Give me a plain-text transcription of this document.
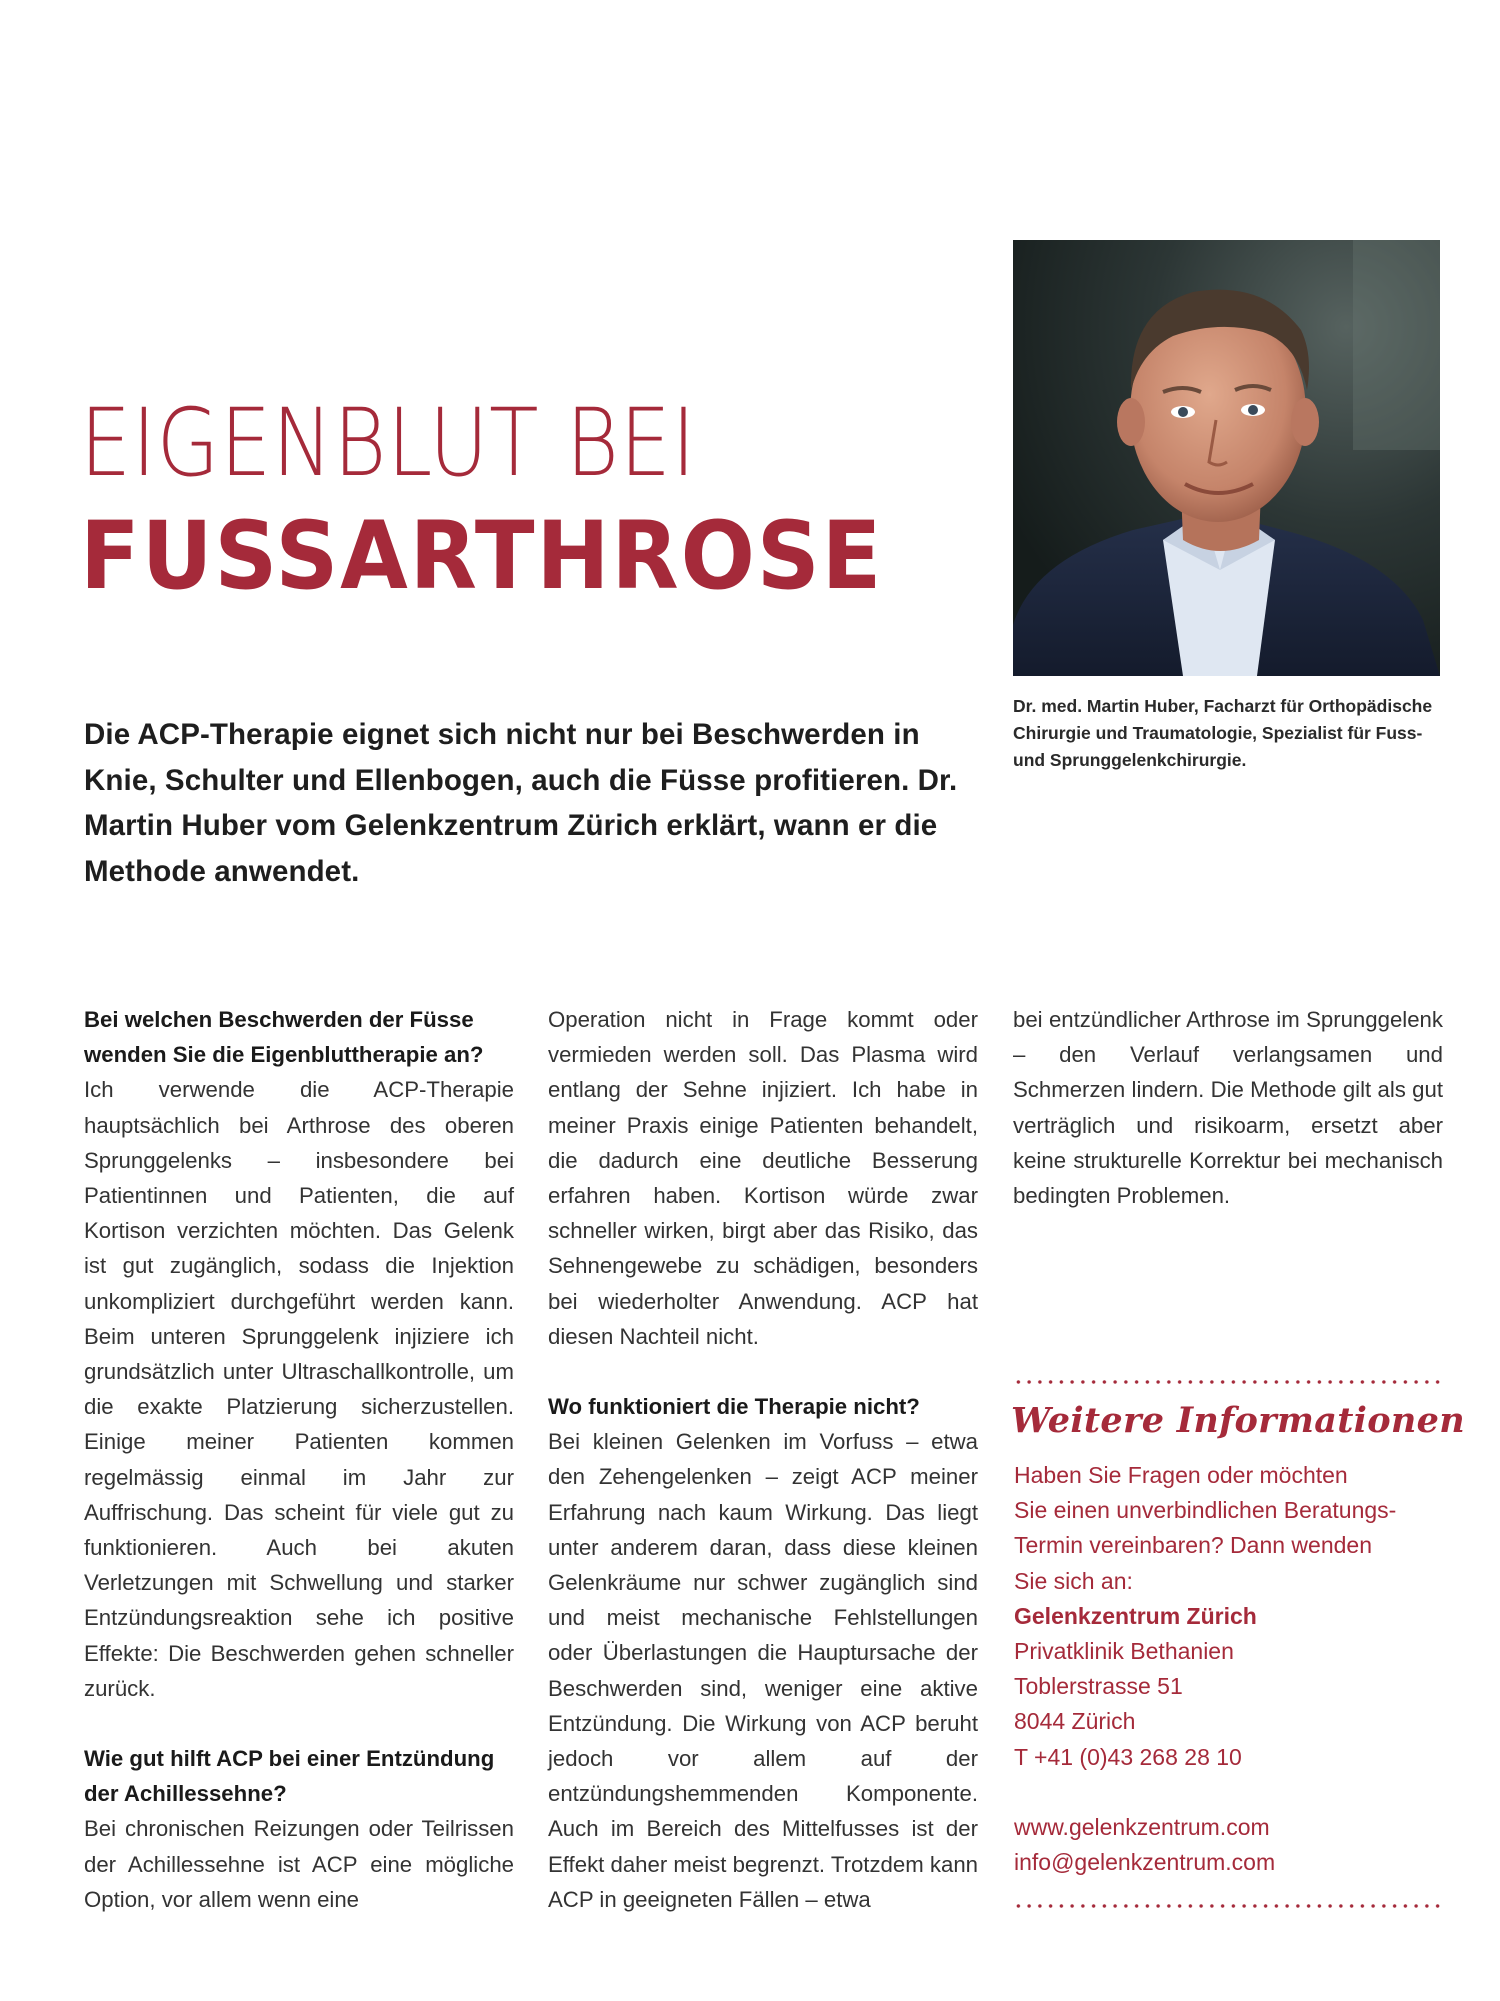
EIGENBLUT BEI
FUSSARTHROSE

Dr. med. Martin Huber, Facharzt für Orthopädische Chirurgie und Traumatologie, Spezialist für Fuss- und Sprunggelenkchirurgie.

Die ACP-Therapie eignet sich nicht nur bei Beschwerden in Knie, Schulter und Ellenbogen, auch die Füsse profitieren. Dr. Martin Huber vom Gelenkzentrum Zürich erklärt, wann er die Methode anwendet.

Bei welchen Beschwerden der Füsse wenden Sie die Eigenbluttherapie an?

Ich verwende die ACP-Therapie hauptsächlich bei Arthrose des oberen Sprunggelenks – insbesondere bei Patientinnen und Patienten, die auf Kortison verzichten möchten. Das Gelenk ist gut zugänglich, sodass die Injektion unkompliziert durchgeführt werden kann. Beim unteren Sprunggelenk injiziere ich grundsätzlich unter Ultraschallkontrolle, um die exakte Platzierung sicherzustellen. Einige meiner Patienten kommen regelmässig einmal im Jahr zur Auffrischung. Das scheint für viele gut zu funktionieren. Auch bei akuten Verletzungen mit Schwellung und starker Entzündungsreaktion sehe ich positive Effekte: Die Beschwerden gehen schneller zurück.

Wie gut hilft ACP bei einer Entzündung der Achillessehne?

Bei chronischen Reizungen oder Teilrissen der Achillessehne ist ACP eine mögliche Option, vor allem wenn eine

Operation nicht in Frage kommt oder vermieden werden soll. Das Plasma wird entlang der Sehne injiziert. Ich habe in meiner Praxis einige Patienten behandelt, die dadurch eine deutliche Besserung erfahren haben. Kortison würde zwar schneller wirken, birgt aber das Risiko, das Sehnengewebe zu schädigen, besonders bei wiederholter Anwendung. ACP hat diesen Nachteil nicht.

Wo funktioniert die Therapie nicht?

Bei kleinen Gelenken im Vorfuss – etwa den Zehengelenken – zeigt ACP meiner Erfahrung nach kaum Wirkung. Das liegt unter anderem daran, dass diese kleinen Gelenkräume nur schwer zugänglich sind und meist mechanische Fehlstellungen oder Überlastungen die Hauptursache der Beschwerden sind, weniger eine aktive Entzündung. Die Wirkung von ACP beruht jedoch vor allem auf der entzündungshemmenden Komponente. Auch im Bereich des Mittelfusses ist der Effekt daher meist begrenzt. Trotzdem kann ACP in geeigneten Fällen – etwa

bei entzündlicher Arthrose im Sprunggelenk – den Verlauf verlangsamen und Schmerzen lindern. Die Methode gilt als gut verträglich und risikoarm, ersetzt aber keine strukturelle Korrektur bei mechanisch bedingten Problemen.

Weitere Informationen
Haben Sie Fragen oder möchten
Sie einen unverbindlichen Beratungs-
Termin vereinbaren? Dann wenden
Sie sich an:
Gelenkzentrum Zürich
Privatklinik Bethanien
Toblerstrasse 51
8044 Zürich
T +41 (0)43 268 28 10
www.gelenkzentrum.com
info@gelenkzentrum.com
